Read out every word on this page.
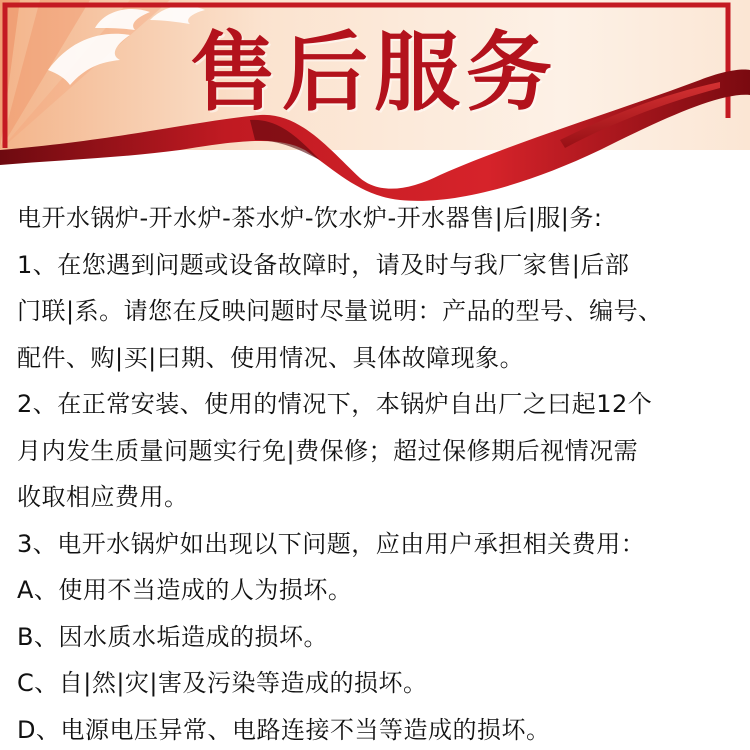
售后服务
电开水锅炉-开水炉-茶水炉-饮水炉-开水器售|后|服|务:
1、在您遇到问题或设备故障时，请及时与我厂家售|后部
门联|系。请您在反映问题时尽量说明：产品的型号、编号、
配件、购|买|曰期、使用情况、具体故障现象。
2、在正常安装、使用的情况下，本锅炉自出厂之曰起12个
月内发生质量问题实行免|费保修；超过保修期后视情况需
收取相应费用。
3、电开水锅炉如出现以下问题，应由用户承担相关费用：
A、使用不当造成的人为损坏。
B、因水质水垢造成的损坏。
C、自|然|灾|害及污染等造成的损坏。
D、电源电压异常、电路连接不当等造成的损坏。
